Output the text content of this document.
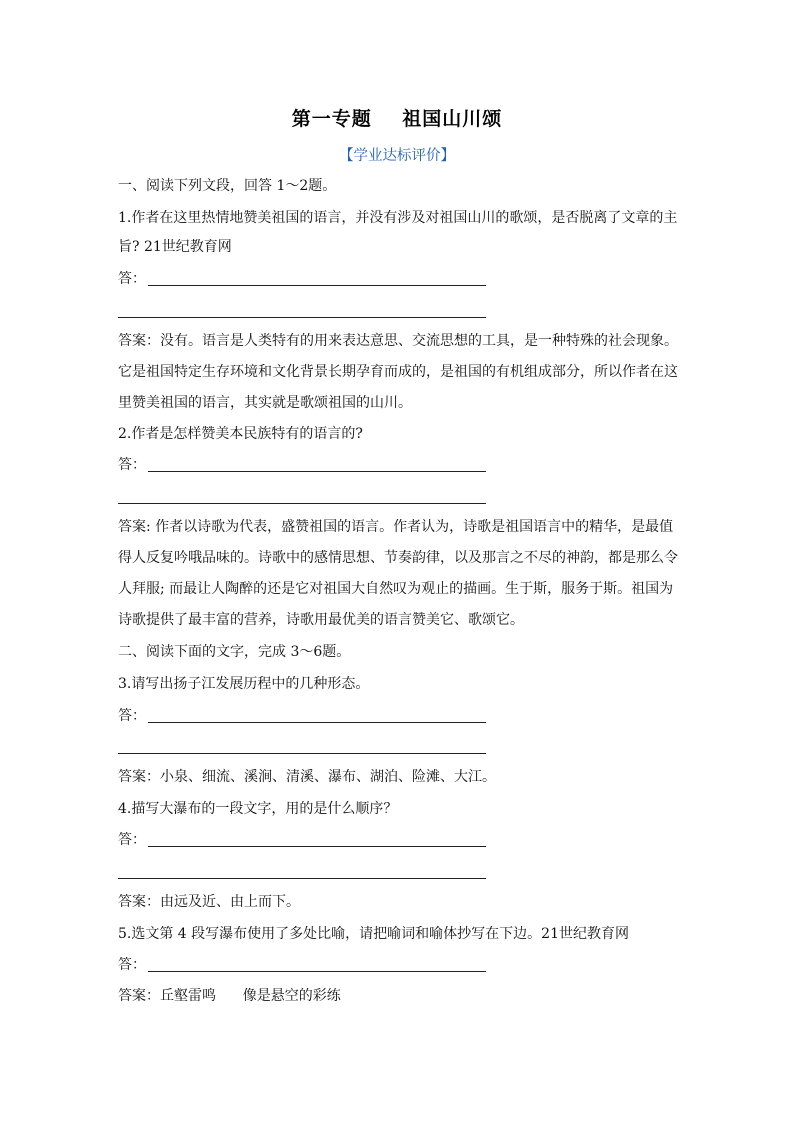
第一专题    祖国山川颂
【学业达标评价】
一、阅读下列文段，回答 1～2题。
1.作者在这里热情地赞美祖国的语言，并没有涉及对祖国山川的歌颂，是否脱离了文章的主
旨? 21世纪教育网
答：
答案：没有。语言是人类特有的用来表达意思、交流思想的工具，是一种特殊的社会现象。
它是祖国特定生存环境和文化背景长期孕育而成的，是祖国的有机组成部分，所以作者在这
里赞美祖国的语言，其实就是歌颂祖国的山川。
2.作者是怎样赞美本民族特有的语言的?
答：
答案: 作者以诗歌为代表，盛赞祖国的语言。作者认为，诗歌是祖国语言中的精华，是最值
得人反复吟哦品味的。诗歌中的感情思想、节奏韵律，以及那言之不尽的神韵，都是那么令
人拜服; 而最让人陶醉的还是它对祖国大自然叹为观止的描画。生于斯，服务于斯。祖国为
诗歌提供了最丰富的营养，诗歌用最优美的语言赞美它、歌颂它。
二、阅读下面的文字，完成 3～6题。
3.请写出扬子江发展历程中的几种形态。
答：
答案：小泉、细流、溪涧、清溪、瀑布、湖泊、险滩、大江。
4.描写大瀑布的一段文字，用的是什么顺序？
答：
答案：由远及近、由上而下。
5.选文第 4 段写瀑布使用了多处比喻，请把喻词和喻体抄写在下边。21世纪教育网
答：
答案：丘壑雷鸣      像是悬空的彩练
